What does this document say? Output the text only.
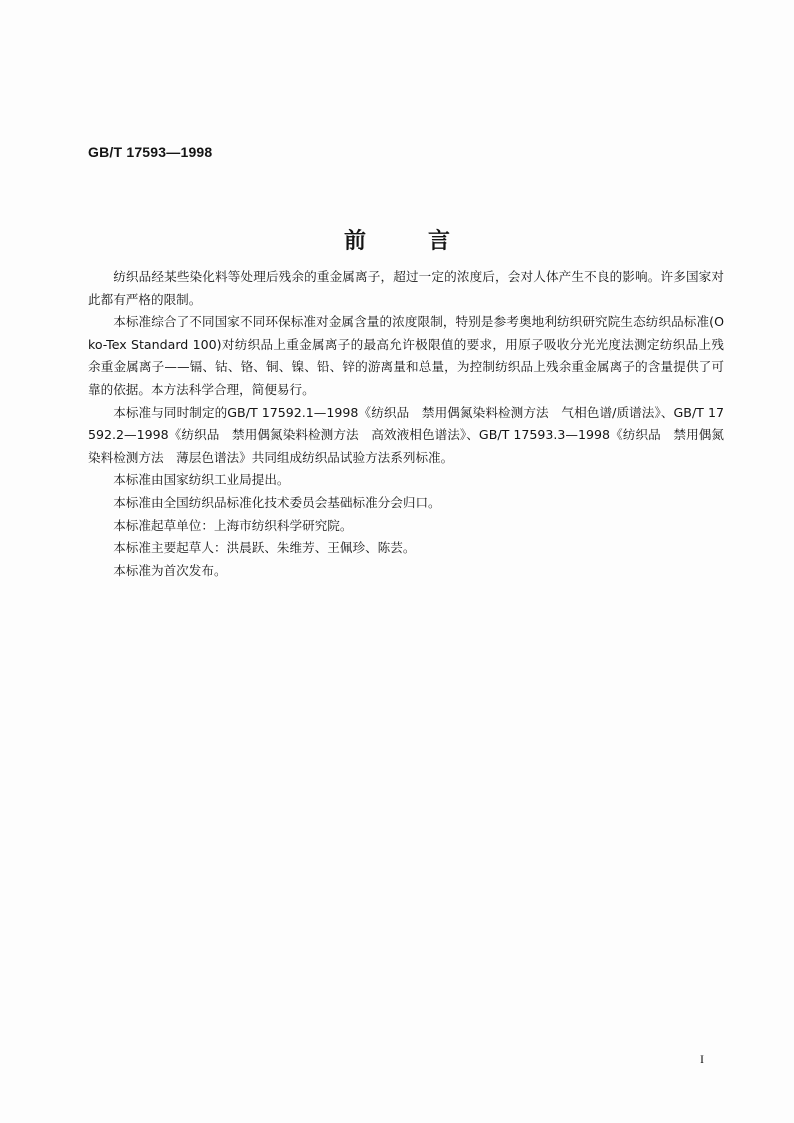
GB/T 17593—1998
前	言

纺织品经某些染化料等处理后残余的重金属离子，超过一定的浓度后，会对人体产生不良的影响。许多国家对此都有严格的限制。

本标准综合了不同国家不同环保标准对金属含量的浓度限制，特别是参考奥地利纺织研究院生态纺织品标准(Oko-Tex Standard 100)对纺织品上重金属离子的最高允许极限值的要求，用原子吸收分光光度法测定纺织品上残余重金属离子——镉、钴、铬、铜、镍、铅、锌的游离量和总量，为控制纺织品上残余重金属离子的含量提供了可靠的依据。本方法科学合理，简便易行。

本标准与同时制定的GB/T 17592.1—1998《纺织品　禁用偶氮染料检测方法　气相色谱/质谱法》、GB/T 17592.2—1998《纺织品　禁用偶氮染料检测方法　高效液相色谱法》、GB/T 17593.3—1998《纺织品　禁用偶氮染料检测方法　薄层色谱法》共同组成纺织品试验方法系列标准。

本标准由国家纺织工业局提出。

本标准由全国纺织品标准化技术委员会基础标准分会归口。

本标准起草单位：上海市纺织科学研究院。

本标准主要起草人：洪晨跃、朱维芳、王佩珍、陈芸。

本标准为首次发布。

I
